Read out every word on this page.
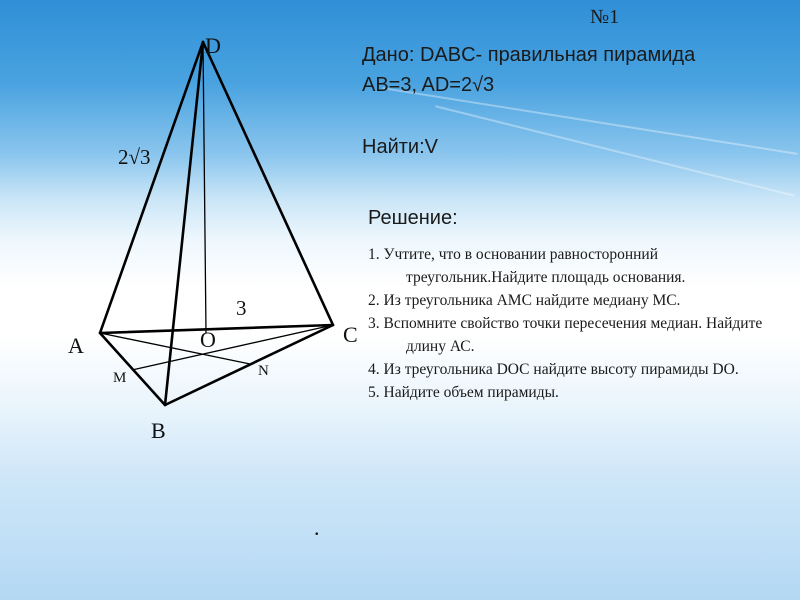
D
A
B
C
O
M	N
2√3
3
.
№1
Дано: DABC- правильная пирамида
AB=3, AD=2√3
Найти:V
Решение:
1. Учтите, что в основании равносторонний треугольник.Найдите площадь основания.
2. Из треугольника АМС найдите медиану МС.
3. Вспомните свойство точки пересечения медиан. Найдите длину АС.
4. Из треугольника DОС найдите высоту пирамиды DО.
5. Найдите объем пирамиды.
